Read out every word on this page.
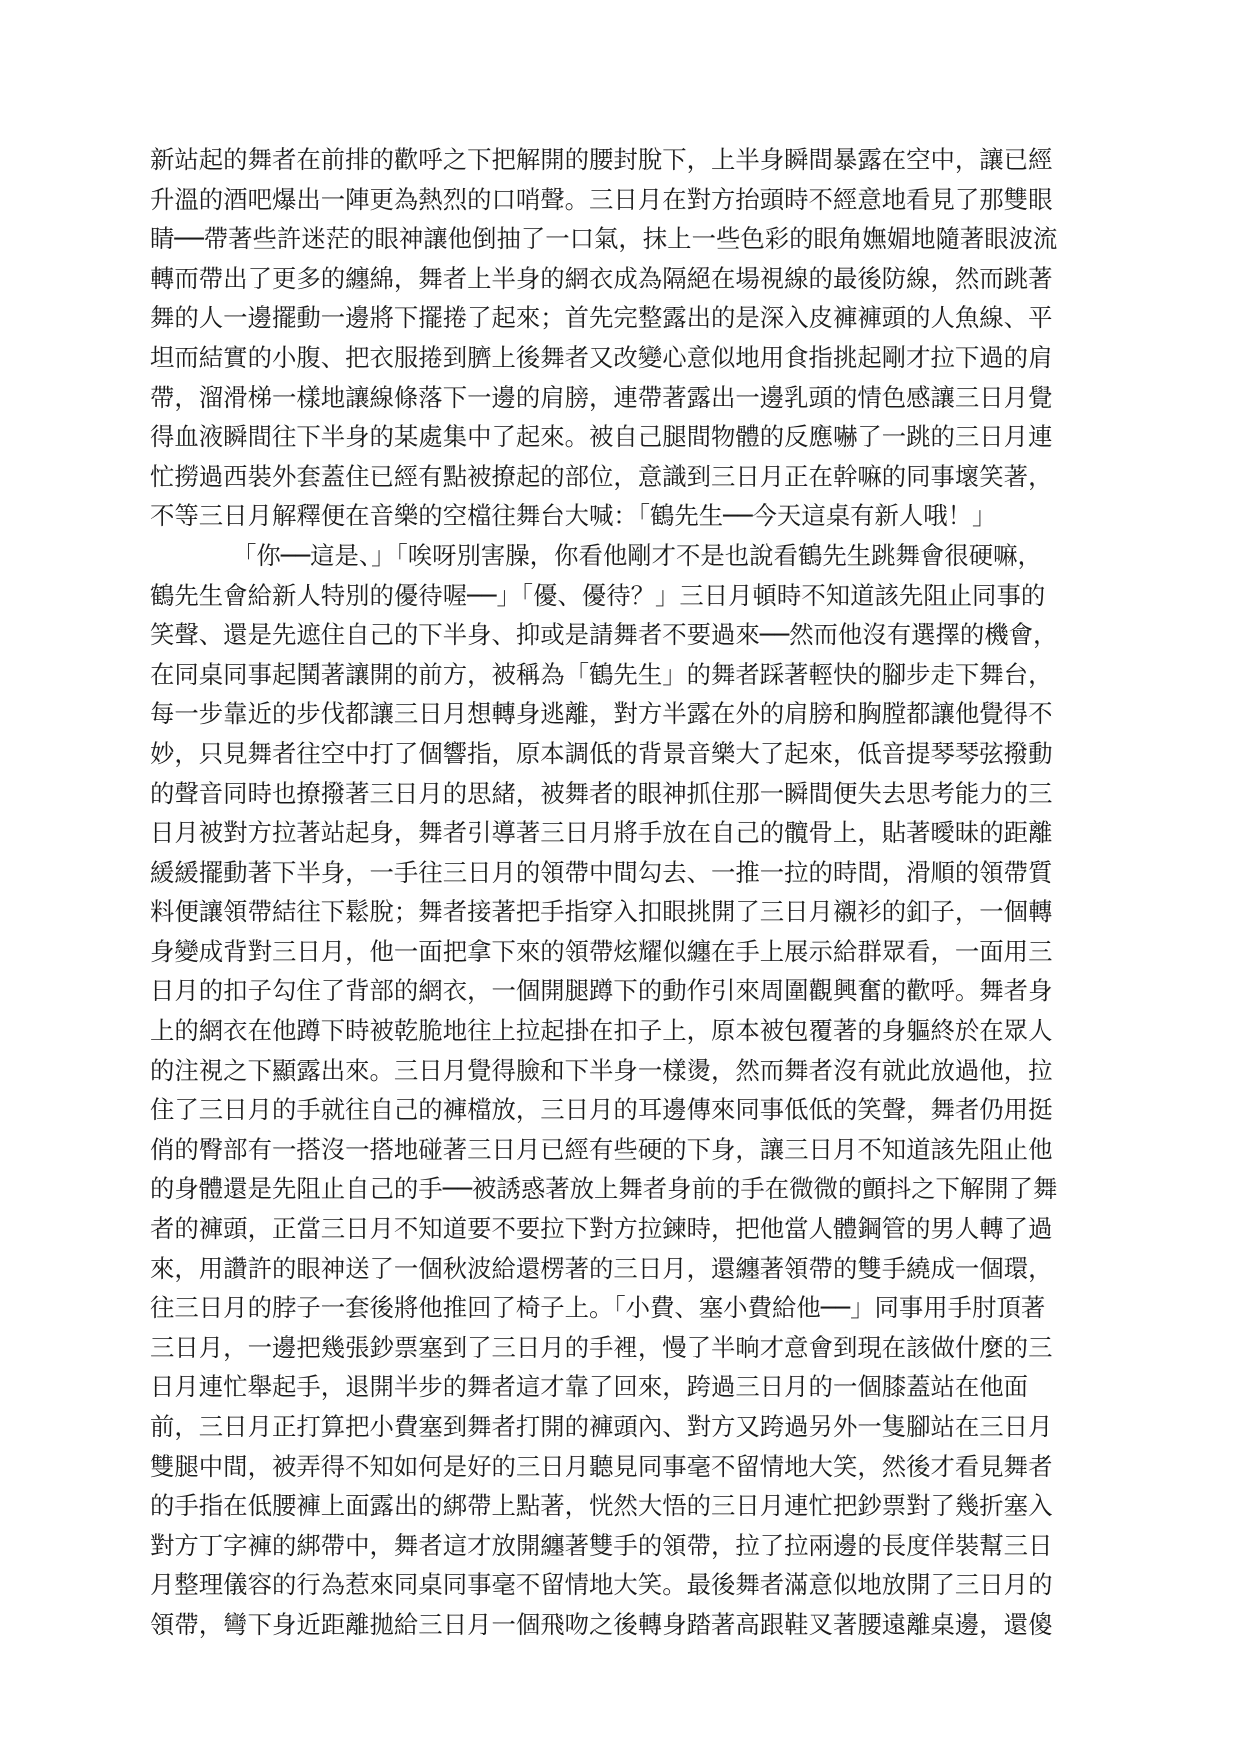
新站起的舞者在前排的歡呼之下把解開的腰封脫下，上半身瞬間暴露在空中，讓已經
升溫的酒吧爆出一陣更為熱烈的口哨聲。三日月在對方抬頭時不經意地看見了那雙眼
睛──帶著些許迷茫的眼神讓他倒抽了一口氣，抹上一些色彩的眼角嫵媚地隨著眼波流
轉而帶出了更多的纏綿，舞者上半身的網衣成為隔絕在場視線的最後防線，然而跳著
舞的人一邊擺動一邊將下擺捲了起來；首先完整露出的是深入皮褲褲頭的人魚線、平
坦而結實的小腹、把衣服捲到臍上後舞者又改變心意似地用食指挑起剛才拉下過的肩
帶，溜滑梯一樣地讓線條落下一邊的肩膀，連帶著露出一邊乳頭的情色感讓三日月覺
得血液瞬間往下半身的某處集中了起來。被自己腿間物體的反應嚇了一跳的三日月連
忙撈過西裝外套蓋住已經有點被撩起的部位，意識到三日月正在幹嘛的同事壞笑著，
不等三日月解釋便在音樂的空檔往舞台大喊：「鶴先生──今天這桌有新人哦！」
「你──這是、」「唉呀別害臊，你看他剛才不是也說看鶴先生跳舞會很硬嘛，
鶴先生會給新人特別的優待喔──」「優、優待？」三日月頓時不知道該先阻止同事的
笑聲、還是先遮住自己的下半身、抑或是請舞者不要過來──然而他沒有選擇的機會，
在同桌同事起鬨著讓開的前方，被稱為「鶴先生」的舞者踩著輕快的腳步走下舞台，
每一步靠近的步伐都讓三日月想轉身逃離，對方半露在外的肩膀和胸膛都讓他覺得不
妙，只見舞者往空中打了個響指，原本調低的背景音樂大了起來，低音提琴琴弦撥動
的聲音同時也撩撥著三日月的思緒，被舞者的眼神抓住那一瞬間便失去思考能力的三
日月被對方拉著站起身，舞者引導著三日月將手放在自己的髖骨上，貼著曖昧的距離
緩緩擺動著下半身，一手往三日月的領帶中間勾去、一推一拉的時間，滑順的領帶質
料便讓領帶結往下鬆脫；舞者接著把手指穿入扣眼挑開了三日月襯衫的釦子，一個轉
身變成背對三日月，他一面把拿下來的領帶炫耀似纏在手上展示給群眾看，一面用三
日月的扣子勾住了背部的網衣，一個開腿蹲下的動作引來周圍觀興奮的歡呼。舞者身
上的網衣在他蹲下時被乾脆地往上拉起掛在扣子上，原本被包覆著的身軀終於在眾人
的注視之下顯露出來。三日月覺得臉和下半身一樣燙，然而舞者沒有就此放過他，拉
住了三日月的手就往自己的褲檔放，三日月的耳邊傳來同事低低的笑聲，舞者仍用挺
俏的臀部有一搭沒一搭地碰著三日月已經有些硬的下身，讓三日月不知道該先阻止他
的身體還是先阻止自己的手──被誘惑著放上舞者身前的手在微微的顫抖之下解開了舞
者的褲頭，正當三日月不知道要不要拉下對方拉鍊時，把他當人體鋼管的男人轉了過
來，用讚許的眼神送了一個秋波給還楞著的三日月，還纏著領帶的雙手繞成一個環，
往三日月的脖子一套後將他推回了椅子上。「小費、塞小費給他──」同事用手肘頂著
三日月，一邊把幾張鈔票塞到了三日月的手裡，慢了半晌才意會到現在該做什麼的三
日月連忙舉起手，退開半步的舞者這才靠了回來，跨過三日月的一個膝蓋站在他面
前，三日月正打算把小費塞到舞者打開的褲頭內、對方又跨過另外一隻腳站在三日月
雙腿中間，被弄得不知如何是好的三日月聽見同事毫不留情地大笑，然後才看見舞者
的手指在低腰褲上面露出的綁帶上點著，恍然大悟的三日月連忙把鈔票對了幾折塞入
對方丁字褲的綁帶中，舞者這才放開纏著雙手的領帶，拉了拉兩邊的長度佯裝幫三日
月整理儀容的行為惹來同桌同事毫不留情地大笑。最後舞者滿意似地放開了三日月的
領帶，彎下身近距離拋給三日月一個飛吻之後轉身踏著高跟鞋叉著腰遠離桌邊，還傻
